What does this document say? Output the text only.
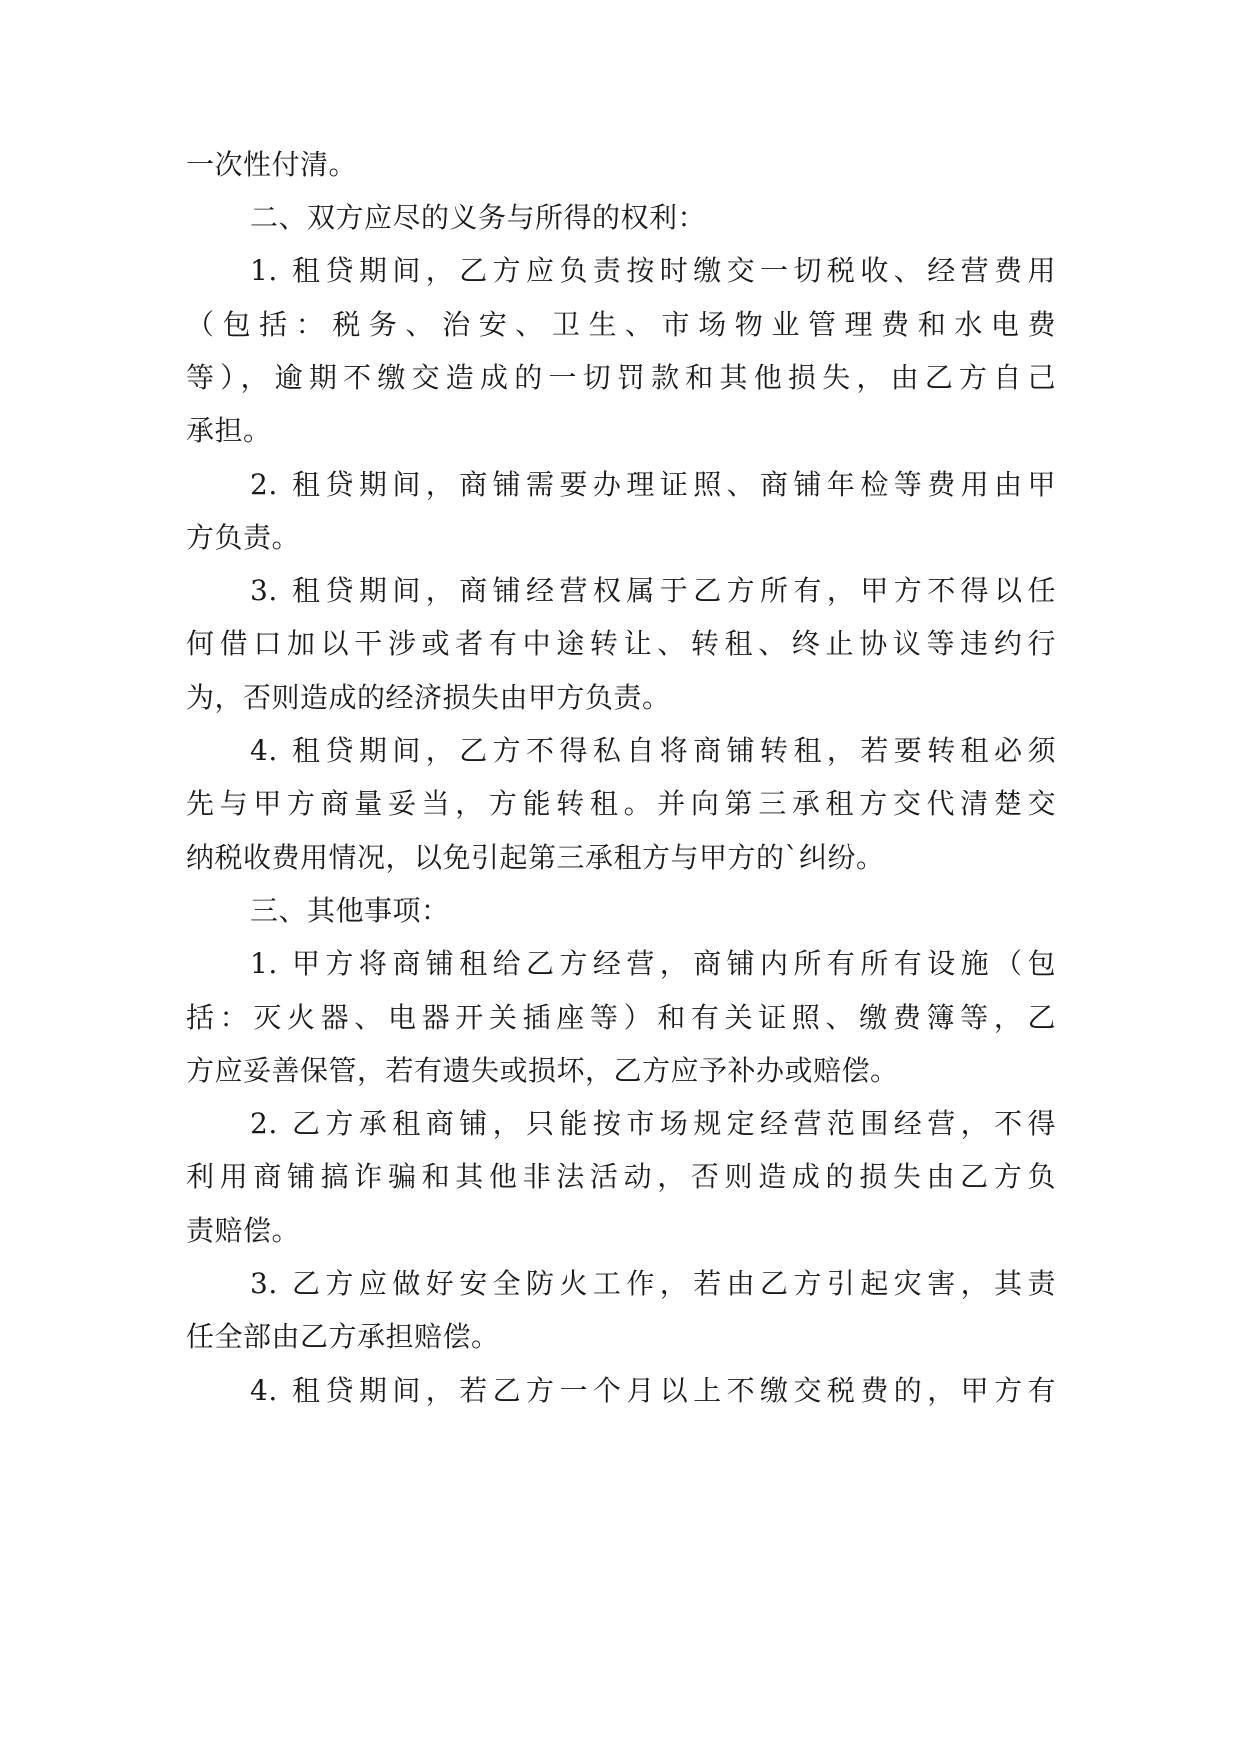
一次性付清。
二、双方应尽的义务与所得的权利：
1. 租贷期间，乙方应负责按时缴交一切税收、经营费用
（包括：税务、治安、卫生、市场物业管理费和水电费
等），逾期不缴交造成的一切罚款和其他损失，由乙方自己
承担。
2. 租贷期间，商铺需要办理证照、商铺年检等费用由甲
方负责。
3. 租贷期间，商铺经营权属于乙方所有，甲方不得以任
何借口加以干涉或者有中途转让、转租、终止协议等违约行
为，否则造成的经济损失由甲方负责。
4. 租贷期间，乙方不得私自将商铺转租，若要转租必须
先与甲方商量妥当，方能转租。并向第三承租方交代清楚交
纳税收费用情况，以免引起第三承租方与甲方的`纠纷。
三、其他事项：
1. 甲方将商铺租给乙方经营，商铺内所有所有设施（包
括：灭火器、电器开关插座等）和有关证照、缴费簿等，乙
方应妥善保管，若有遗失或损坏，乙方应予补办或赔偿。
2. 乙方承租商铺，只能按市场规定经营范围经营，不得
利用商铺搞诈骗和其他非法活动，否则造成的损失由乙方负
责赔偿。
3. 乙方应做好安全防火工作，若由乙方引起灾害，其责
任全部由乙方承担赔偿。
4. 租贷期间，若乙方一个月以上不缴交税费的，甲方有
